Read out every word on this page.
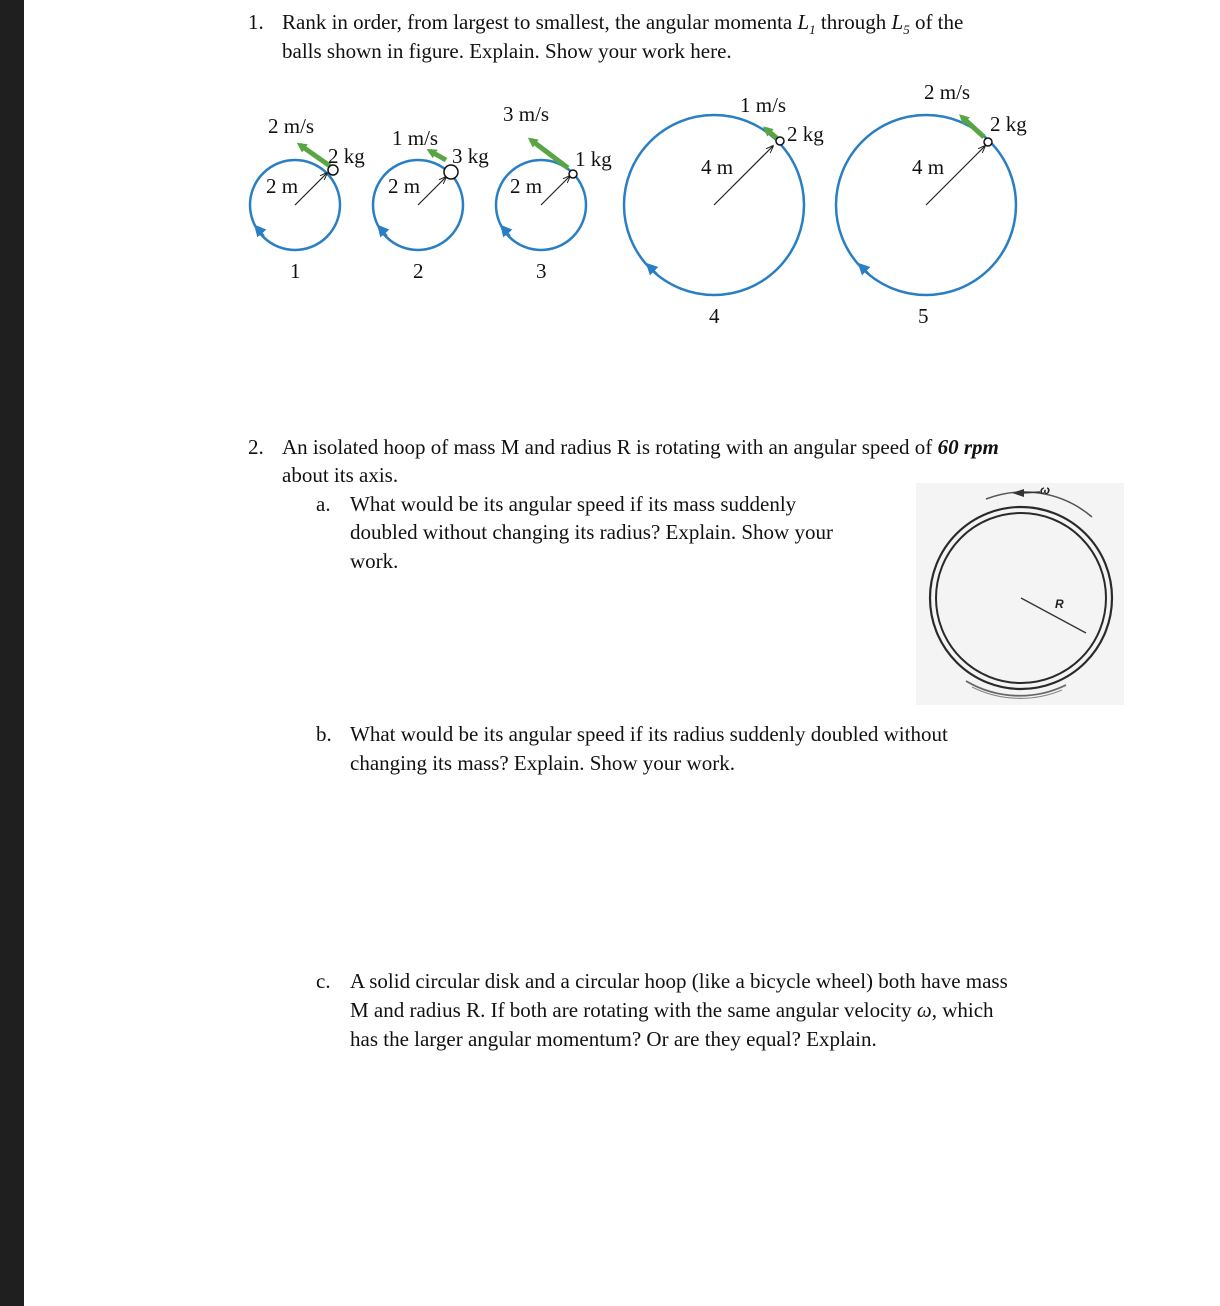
1. Rank in order, from largest to smallest, the angular momenta $L_1$ through $L_5$ of the
balls shown in figure. Explain. Show your work here.
2 m/s
2 kg
2 m
1
1 m/s
3 kg
2 m
2
3 m/s
1 kg
2 m
3
1 m/s
2 kg
4 m
4
2 m/s
2 kg
4 m
5
2. An isolated hoop of mass M and radius R is rotating with an angular speed of 60 rpm
about its axis.
a. What would be its angular speed if its mass suddenly
doubled without changing its radius? Explain. Show your
work.
ω
R
b. What would be its angular speed if its radius suddenly doubled without
changing its mass? Explain. Show your work.
c. A solid circular disk and a circular hoop (like a bicycle wheel) both have mass
M and radius R. If both are rotating with the same angular velocity ω, which
has the larger angular momentum? Or are they equal? Explain.
